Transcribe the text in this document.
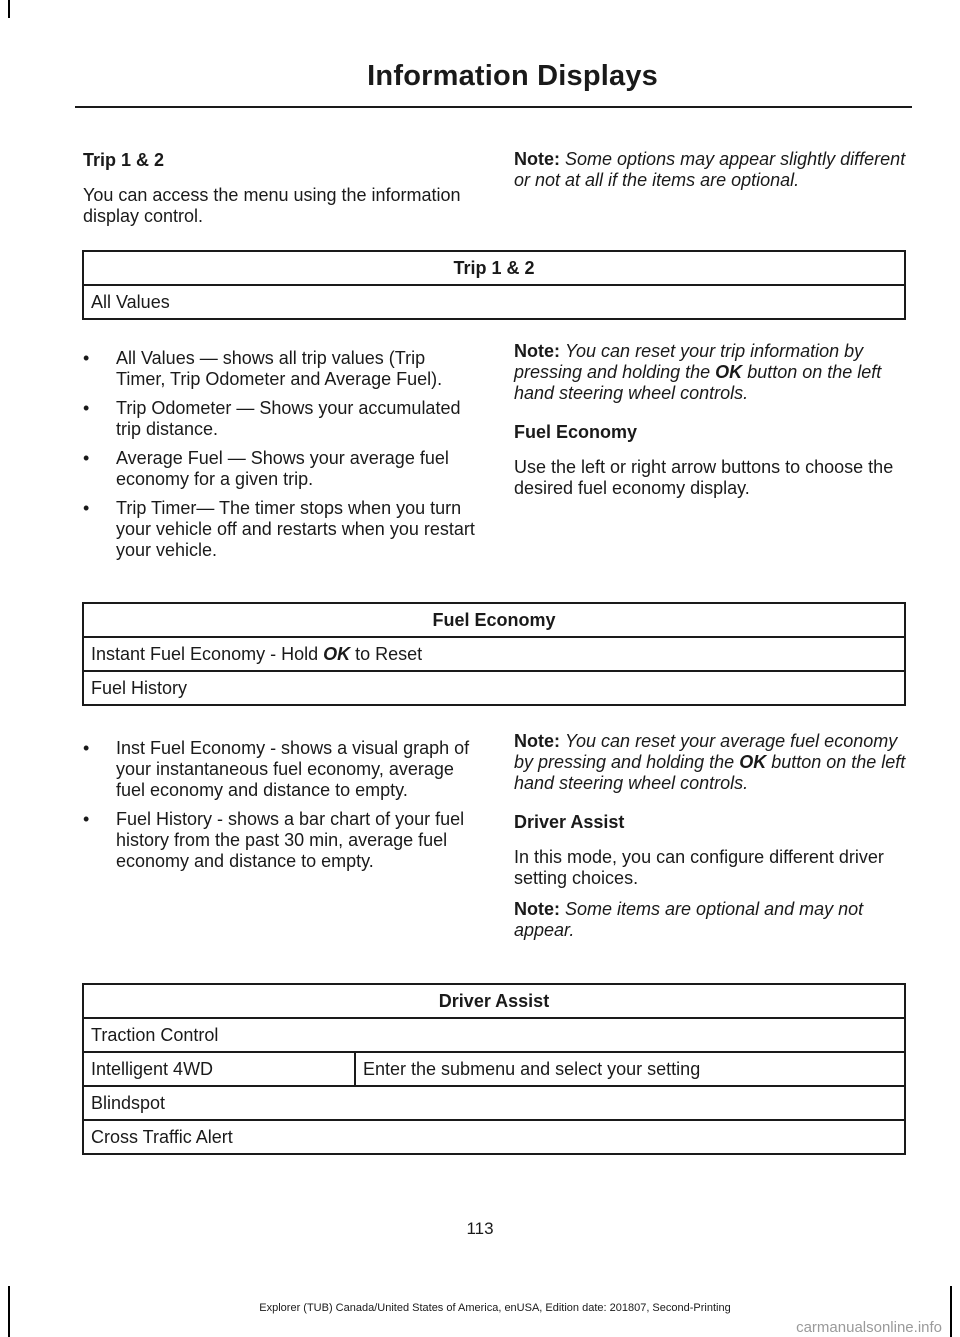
Information Displays

Trip 1 & 2

You can access the menu using the information display control.

Note: Some options may appear slightly different or not at all if the items are optional.

Trip 1 & 2
All Values
• All Values — shows all trip values (Trip Timer, Trip Odometer and Average Fuel).
• Trip Odometer — Shows your accumulated trip distance.
• Average Fuel — Shows your average fuel economy for a given trip.
• Trip Timer— The timer stops when you turn your vehicle off and restarts when you restart your vehicle.

Note: You can reset your trip information by pressing and holding the OK button on the left hand steering wheel controls.

Fuel Economy

Use the left or right arrow buttons to choose the desired fuel economy display.

Fuel Economy
Instant Fuel Economy - Hold OK to Reset
Fuel History
• Inst Fuel Economy - shows a visual graph of your instantaneous fuel economy, average fuel economy and distance to empty.
• Fuel History - shows a bar chart of your fuel history from the past 30 min, average fuel economy and distance to empty.

Note: You can reset your average fuel economy by pressing and holding the OK button on the left hand steering wheel controls.

Driver Assist

In this mode, you can configure different driver setting choices.

Note: Some items are optional and may not appear.

Driver Assist
Traction Control
Intelligent 4WD	Enter the submenu and select your setting
Blindspot
Cross Traffic Alert
113
Explorer (TUB) Canada/United States of America, enUSA, Edition date: 201807, Second-Printing
carmanualsonline.info
